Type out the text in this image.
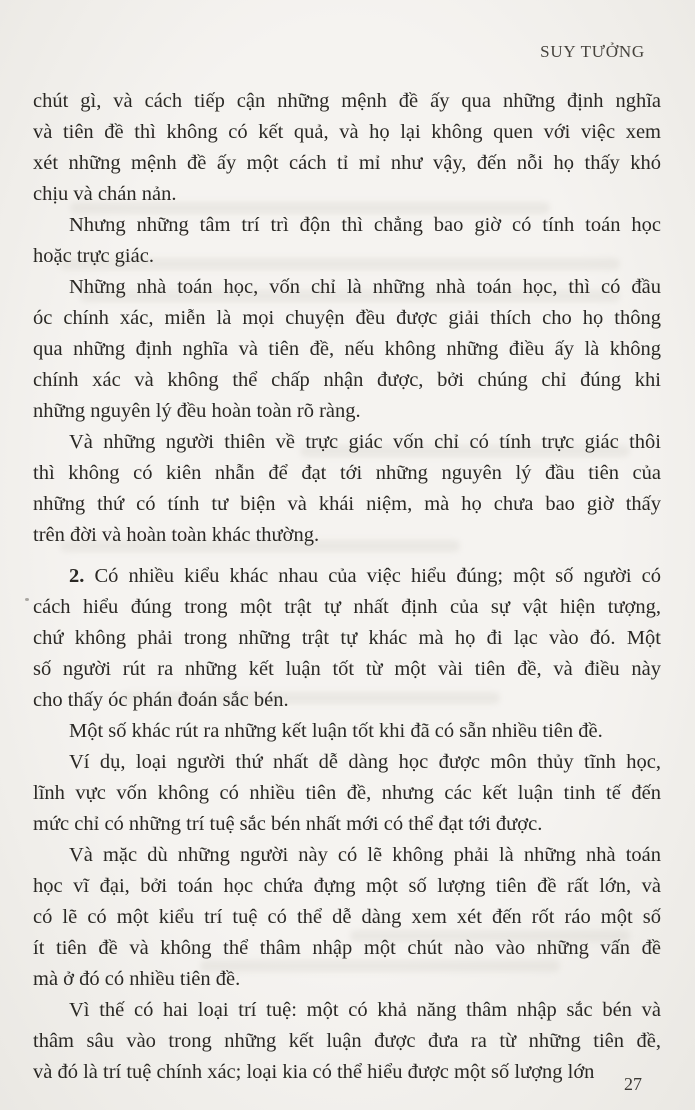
SUY TƯỞNG
chút gì, và cách tiếp cận những mệnh đề ấy qua những định nghĩa
và tiên đề thì không có kết quả, và họ lại không quen với việc xem
xét những mệnh đề ấy một cách tỉ mỉ như vậy, đến nỗi họ thấy khó
chịu và chán nản.
Nhưng những tâm trí trì độn thì chẳng bao giờ có tính toán học
hoặc trực giác.
Những nhà toán học, vốn chỉ là những nhà toán học, thì có đầu
óc chính xác, miễn là mọi chuyện đều được giải thích cho họ thông
qua những định nghĩa và tiên đề, nếu không những điều ấy là không
chính xác và không thể chấp nhận được, bởi chúng chỉ đúng khi
những nguyên lý đều hoàn toàn rõ ràng.
Và những người thiên về trực giác vốn chỉ có tính trực giác thôi
thì không có kiên nhẫn để đạt tới những nguyên lý đầu tiên của
những thứ có tính tư biện và khái niệm, mà họ chưa bao giờ thấy
trên đời và hoàn toàn khác thường.
2. Có nhiều kiểu khác nhau của việc hiểu đúng; một số người có
cách hiểu đúng trong một trật tự nhất định của sự vật hiện tượng,
chứ không phải trong những trật tự khác mà họ đi lạc vào đó. Một
số người rút ra những kết luận tốt từ một vài tiên đề, và điều này
cho thấy óc phán đoán sắc bén.
Một số khác rút ra những kết luận tốt khi đã có sẵn nhiều tiên đề.
Ví dụ, loại người thứ nhất dễ dàng học được môn thủy tĩnh học,
lĩnh vực vốn không có nhiều tiên đề, nhưng các kết luận tinh tế đến
mức chỉ có những trí tuệ sắc bén nhất mới có thể đạt tới được.
Và mặc dù những người này có lẽ không phải là những nhà toán
học vĩ đại, bởi toán học chứa đựng một số lượng tiên đề rất lớn, và
có lẽ có một kiểu trí tuệ có thể dễ dàng xem xét đến rốt ráo một số
ít tiên đề và không thể thâm nhập một chút nào vào những vấn đề
mà ở đó có nhiều tiên đề.
Vì thế có hai loại trí tuệ: một có khả năng thâm nhập sắc bén và
thâm sâu vào trong những kết luận được đưa ra từ những tiên đề,
và đó là trí tuệ chính xác; loại kia có thể hiểu được một số lượng lớn
27
